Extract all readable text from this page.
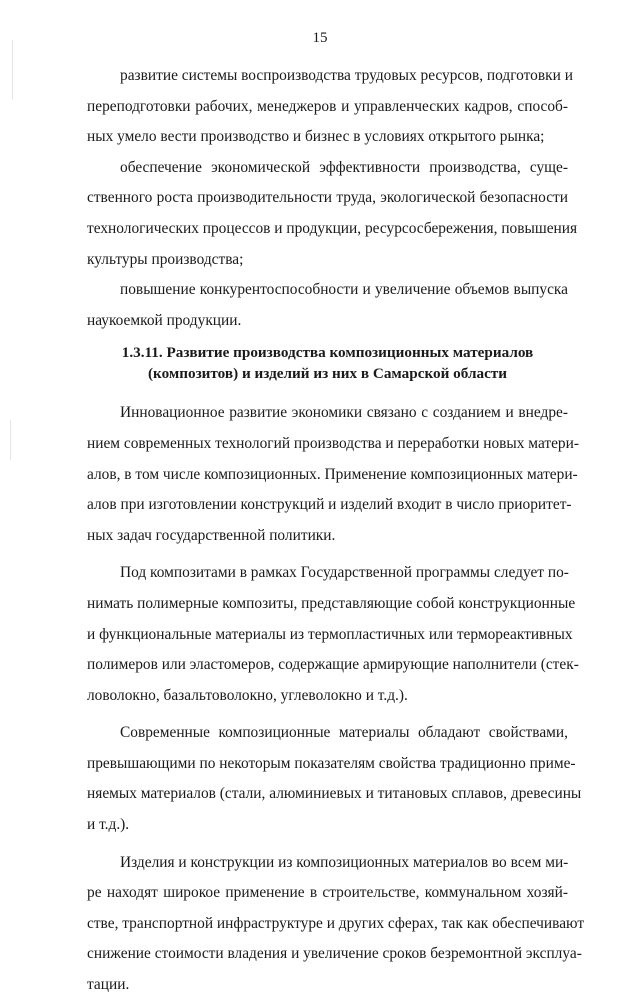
15
развитие системы воспроизводства трудовых ресурсов, подготовки и
переподготовки рабочих, менеджеров и управленческих кадров, способ-
ных умело вести производство и бизнес в условиях открытого рынка;
обеспечение экономической эффективности производства, суще-
ственного роста производительности труда, экологической безопасности
технологических процессов и продукции, ресурсосбережения, повышения
культуры производства;
повышение конкурентоспособности и увеличение объемов выпуска
наукоемкой продукции.
1.3.11. Развитие производства композиционных материалов
(композитов) и изделий из них в Самарской области
Инновационное развитие экономики связано с созданием и внедре-
нием современных технологий производства и переработки новых матери-
алов, в том числе композиционных. Применение композиционных матери-
алов при изготовлении конструкций и изделий входит в число приоритет-
ных задач государственной политики.
Под композитами в рамках Государственной программы следует по-
нимать полимерные композиты, представляющие собой конструкционные
и функциональные материалы из термопластичных или термореактивных
полимеров или эластомеров, содержащие армирующие наполнители (стек-
ловолокно, базальтоволокно, углеволокно и т.д.).
Современные композиционные материалы обладают свойствами,
превышающими по некоторым показателям свойства традиционно приме-
няемых материалов (стали, алюминиевых и титановых сплавов, древесины
и т.д.).
Изделия и конструкции из композиционных материалов во всем ми-
ре находят широкое применение в строительстве, коммунальном хозяй-
стве, транспортной инфраструктуре и других сферах, так как обеспечивают
снижение стоимости владения и увеличение сроков безремонтной эксплуа-
тации.
